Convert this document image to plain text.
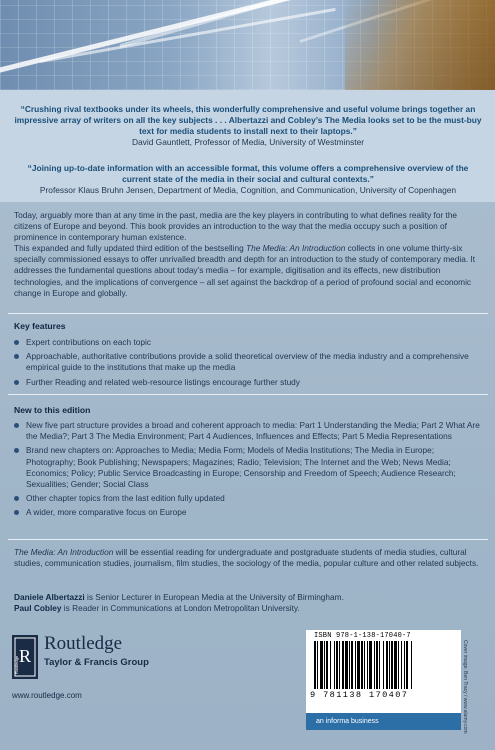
“Crushing rival textbooks under its wheels, this wonderfully comprehensive and useful volume brings together an impressive array of writers on all the key subjects . . . Albertazzi and Cobley’s The Media looks set to be the must-buy text for media students to install next to their laptops.”
David Gauntlett, Professor of Media, University of Westminster
“Joining up-to-date information with an accessible format, this volume offers a comprehensive overview of the current state of the media in their social and cultural contexts.”
Professor Klaus Bruhn Jensen, Department of Media, Cognition, and Communication, University of Copenhagen
Today, arguably more than at any time in the past, media are the key players in contributing to what defines reality for the citizens of Europe and beyond. This book provides an introduction to the way that the media occupy such a position of prominence in contemporary human existence.
This expanded and fully updated third edition of the bestselling The Media: An Introduction collects in one volume thirty-six specially commissioned essays to offer unrivalled breadth and depth for an introduction to the study of contemporary media. It addresses the fundamental questions about today’s media – for example, digitisation and its effects, new distribution technologies, and the implications of convergence – all set against the backdrop of a period of profound social and economic change in Europe and globally.
Key features
Expert contributions on each topic
Approachable, authoritative contributions provide a solid theoretical overview of the media industry and a comprehensive empirical guide to the institutions that make up the media
Further Reading and related web-resource listings encourage further study
New to this edition
New five part structure provides a broad and coherent approach to media: Part 1 Understanding the Media; Part 2 What Are the Media?; Part 3 The Media Environment; Part 4 Audiences, Influences and Effects; Part 5 Media Representations
Brand new chapters on: Approaches to Media; Media Form; Models of Media Institutions; The Media in Europe; Photography; Book Publishing; Newspapers; Magazines; Radio; Television; The Internet and the Web; News Media; Economics; Policy; Public Service Broadcasting in Europe; Censorship and Freedom of Speech; Audience Research; Sexualities; Gender; Social Class
Other chapter topics from the last edition fully updated
A wider, more comparative focus on Europe
The Media: An Introduction will be essential reading for undergraduate and postgraduate students of media studies, cultural studies, communication studies, journalism, film studies, the sociology of the media, popular culture and other related subjects.
Daniele Albertazzi is Senior Lecturer in European Media at the University of Birmingham.
Paul Cobley is Reader in Communications at London Metropolitan University.
R
Routledge
Routledge
Taylor & Francis Group
www.routledge.com
ISBN 978-1-138-17040-7
9 781138 170407
an informa business	Cover image: Ben Tracy / www.alamy.com
